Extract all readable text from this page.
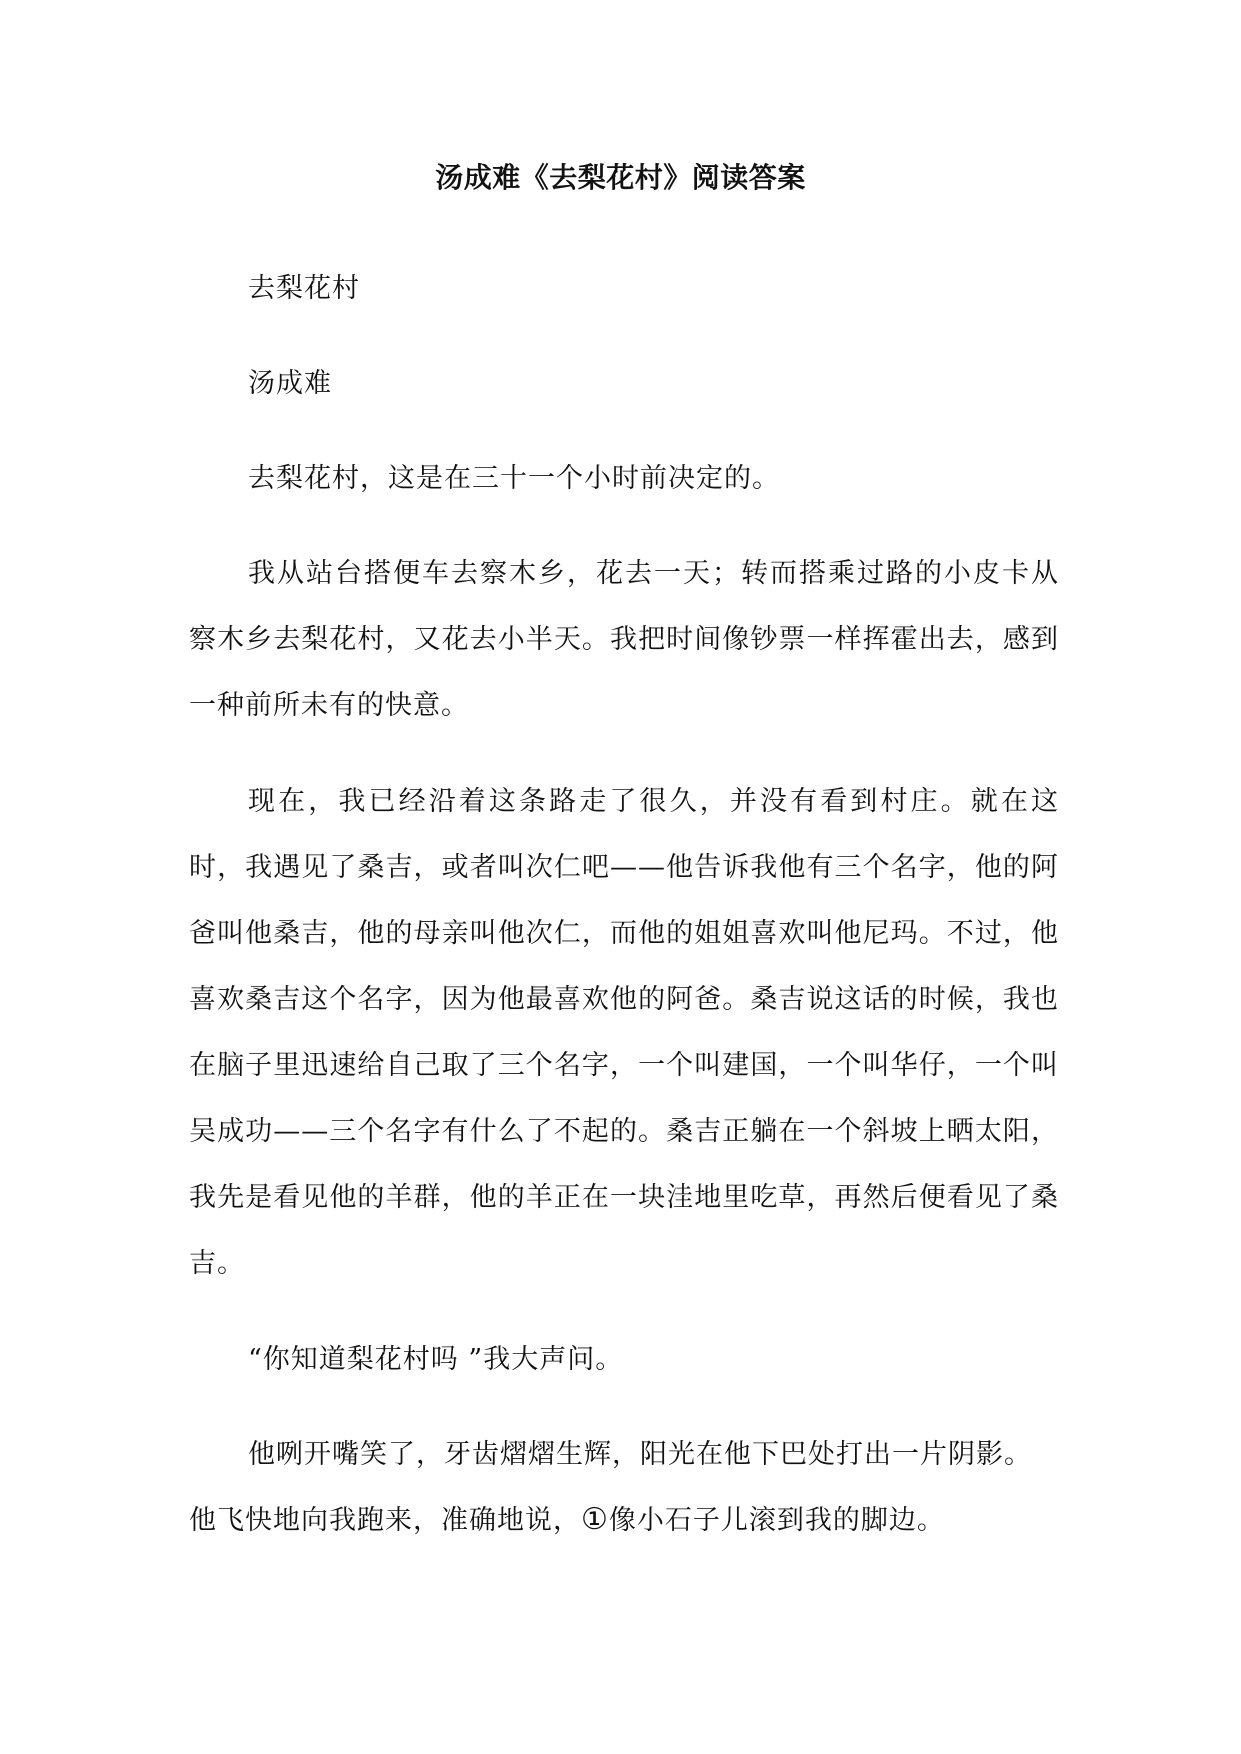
汤成难《去梨花村》阅读答案

去梨花村

汤成难

去梨花村，这是在三十一个小时前决定的。

我从站台搭便车去察木乡，花去一天；转而搭乘过路的小皮卡从察木乡去梨花村，又花去小半天。我把时间像钞票一样挥霍出去，感到一种前所未有的快意。

现在，我已经沿着这条路走了很久，并没有看到村庄。就在这时，我遇见了桑吉，或者叫次仁吧——他告诉我他有三个名字，他的阿爸叫他桑吉，他的母亲叫他次仁，而他的姐姐喜欢叫他尼玛。不过，他喜欢桑吉这个名字，因为他最喜欢他的阿爸。桑吉说这话的时候，我也在脑子里迅速给自己取了三个名字，一个叫建国，一个叫华仔，一个叫吴成功——三个名字有什么了不起的。桑吉正躺在一个斜坡上晒太阳，我先是看见他的羊群，他的羊正在一块洼地里吃草，再然后便看见了桑吉。

“你知道梨花村吗 ”我大声问。

他咧开嘴笑了，牙齿熠熠生辉，阳光在他下巴处打出一片阴影。

他飞快地向我跑来，准确地说，①像小石子儿滚到我的脚边。
